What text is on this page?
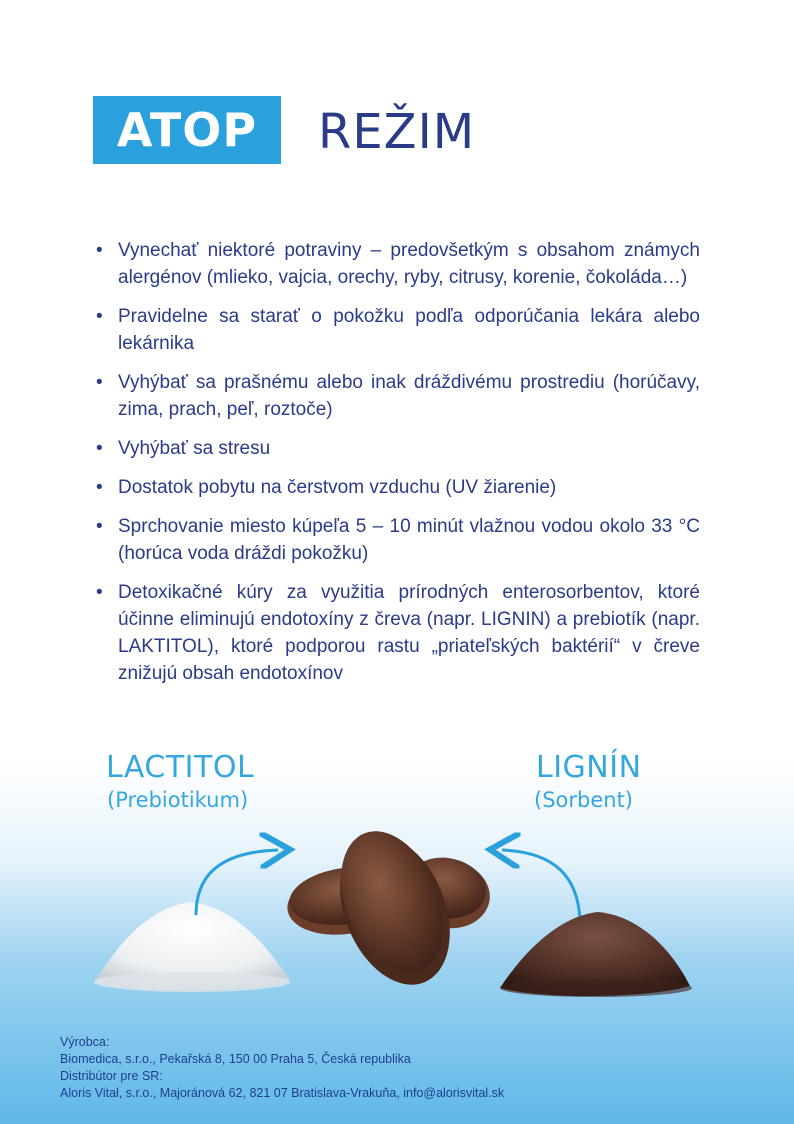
ATOP	REŽIM
• Vynechať niektoré potraviny – predovšetkým s obsahom známych alergénov (mlieko, vajcia, orechy, ryby, citrusy, korenie, čokoláda…)
• Pravidelne sa starať o pokožku podľa odporúčania lekára alebo lekárnika
• Vyhýbať sa prašnému alebo inak dráždivému prostrediu (horúčavy, zima, prach, peľ, roztoče)
• Vyhýbať sa stresu
• Dostatok pobytu na čerstvom vzduchu (UV žiarenie)
• Sprchovanie miesto kúpeľa 5 – 10 minút vlažnou vodou okolo 33 °C (horúca voda dráždi pokožku)
• Detoxikačné kúry za využitia prírodných enterosorbentov, ktoré účinne eliminujú endotoxíny z čreva (napr. LIGNIN) a prebiotík (napr. LAKTITOL), ktoré podporou rastu „priateľských baktérií“ v čreve znižujú obsah endotoxínov
LACTITOL
(Prebiotikum)
LIGNÍN
(Sorbent)
Výrobca:
Biomedica, s.r.o., Pekařská 8, 150 00 Praha 5, Česká republika
Distribútor pre SR:
Aloris Vital, s.r.o., Majoránová 62, 821 07 Bratislava-Vrakuňa, info@alorisvital.sk
